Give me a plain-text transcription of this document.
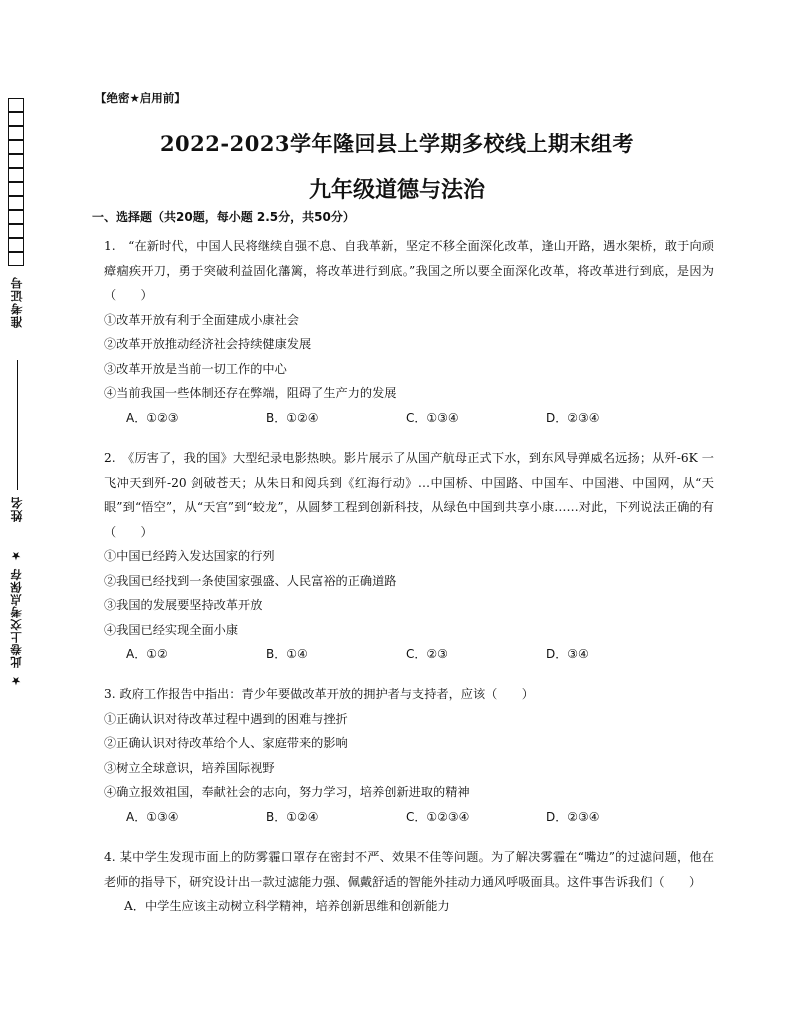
准考证号
姓名
★ 此卷上交考点保存 ★
【绝密★启用前】
2022-2023学年隆回县上学期多校线上期末组考
九年级道德与法治
一、选择题（共20题，每小题 2.5分，共50分）
1.　“在新时代，中国人民将继续自强不息、自我革新，坚定不移全面深化改革，逢山开路，遇水架桥，敢于向顽瘴痼疾开刀，勇于突破利益固化藩篱，将改革进行到底。”我国之所以要全面深化改革，将改革进行到底，是因为（　　）
①改革开放有利于全面建成小康社会
②改革开放推动经济社会持续健康发展
③改革开放是当前一切工作的中心
④当前我国一些体制还存在弊端，阻碍了生产力的发展
A．①②③	B．①②④	C．①③④	D．②③④
2.　《厉害了，我的国》大型纪录电影热映。影片展示了从国产航母正式下水，到东风导弹威名远扬；从歼-6K 一飞冲天到歼-20 剑破苍天；从朱日和阅兵到《红海行动》…中国桥、中国路、中国车、中国港、中国网，从“天眼”到“悟空”，从“天宫”到“蛟龙”，从圆梦工程到创新科技，从绿色中国到共享小康……对此，下列说法正确的有（　　）
①中国已经跨入发达国家的行列
②我国已经找到一条使国家强盛、人民富裕的正确道路
③我国的发展要坚持改革开放
④我国已经实现全面小康
A．①②	B．①④	C．②③	D．③④
3. 政府工作报告中指出：青少年要做改革开放的拥护者与支持者，应该（　　）
①正确认识对待改革过程中遇到的困难与挫折
②正确认识对待改革给个人、家庭带来的影响
③树立全球意识，培养国际视野
④确立报效祖国，奉献社会的志向，努力学习，培养创新进取的精神
A．①③④	B．①②④	C．①②③④	D．②③④
4. 某中学生发现市面上的防雾霾口罩存在密封不严、效果不佳等问题。为了解决雾霾在“嘴边”的过滤问题，他在老师的指导下，研究设计出一款过滤能力强、佩戴舒适的智能外挂动力通风呼吸面具。这件事告诉我们（　　）
A．中学生应该主动树立科学精神，培养创新思维和创新能力
